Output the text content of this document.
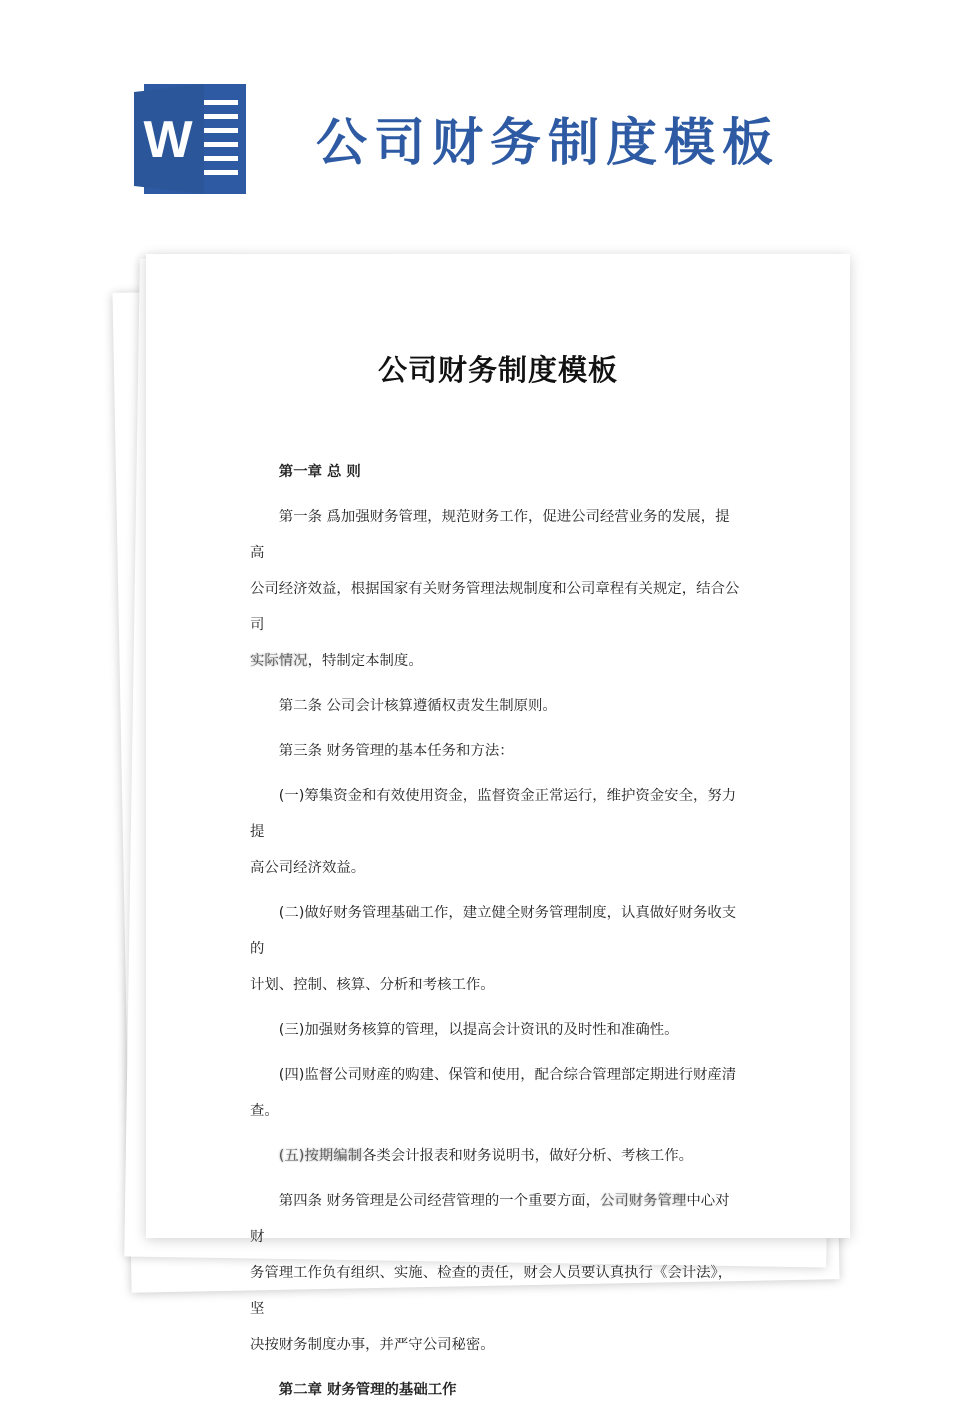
W 公司财务制度模板
公司财务制度模板
第一章 总 则

第一条 爲加强财务管理，规范财务工作，促进公司经营业务的发展，提高
公司经济效益，根据国家有关财务管理法规制度和公司章程有关规定，结合公司
实际情况，特制定本制度。

第二条 公司会计核算遵循权责发生制原则。

第三条 财务管理的基本任务和方法：

(一)筹集资金和有效使用资金，监督资金正常运行，维护资金安全，努力提
高公司经济效益。

(二)做好财务管理基础工作，建立健全财务管理制度，认真做好财务收支的
计划、控制、核算、分析和考核工作。

(三)加强财务核算的管理，以提高会计资讯的及时性和准确性。

(四)监督公司财産的购建、保管和使用，配合综合管理部定期进行财産清查。

(五)按期编制各类会计报表和财务说明书，做好分析、考核工作。

第四条 财务管理是公司经营管理的一个重要方面，公司财务管理中心对财
务管理工作负有组织、实施、检查的责任，财会人员要认真执行《会计法》，坚
决按财务制度办事，并严守公司秘密。

第二章 财务管理的基础工作
